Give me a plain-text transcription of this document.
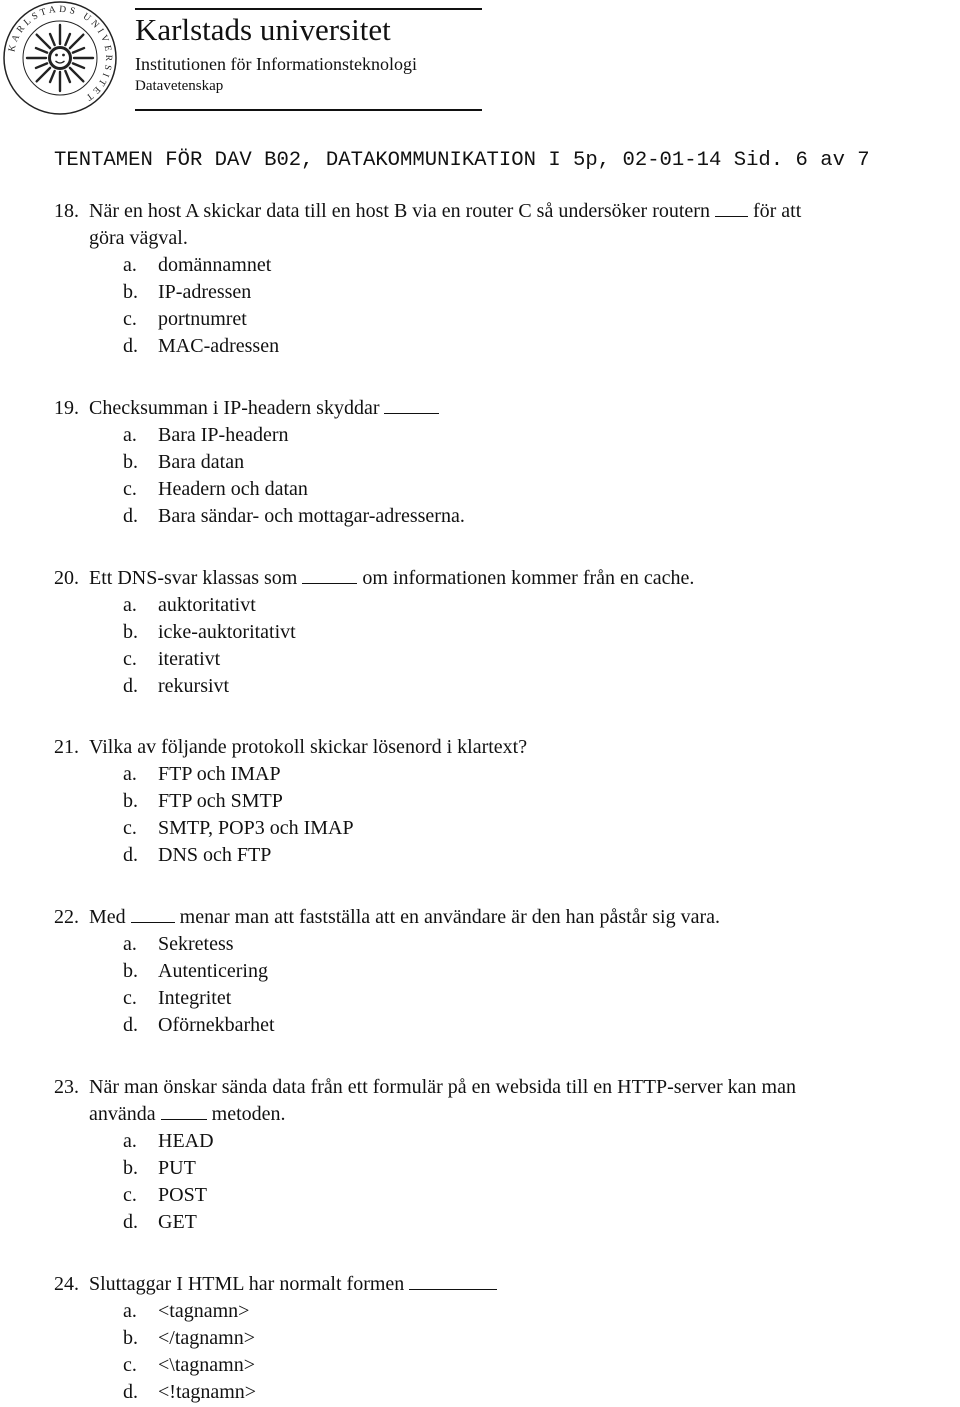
KARLSTADS UNIVERSITET
Karlstads universitet
Institutionen för Informationsteknologi
Datavetenskap
TENTAMEN FÖR DAV B02, DATAKOMMUNIKATION I 5p, 02-01-14 Sid. 6 av 7
18. När en host A skickar data till en host B via en router C så undersöker routern för att
göra vägval.
a. domännamnet
b. IP-adressen
c. portnumret
d. MAC-adressen
19. Checksumman i IP-headern skyddar
a. Bara IP-headern
b. Bara datan
c. Headern och datan
d. Bara sändar- och mottagar-adresserna.
20. Ett DNS-svar klassas som	om informationen kommer från en cache.
a. auktoritativt
b. icke-auktoritativt
c. iterativt
d. rekursivt
21. Vilka av följande protokoll skickar lösenord i klartext?
a. FTP och IMAP
b. FTP och SMTP
c. SMTP, POP3 och IMAP
d. DNS och FTP
22. Med	menar man att fastställa att en användare är den han påstår sig vara.
a. Sekretess
b. Autenticering
c. Integritet
d. Oförnekbarhet
23. När man önskar sända data från ett formulär på en websida till en HTTP-server kan man
använda	metoden.
a. HEAD
b. PUT
c. POST
d. GET
24. Sluttaggar I HTML har normalt formen
a. <tagnamn>
b. </tagnamn>
c. <\tagnamn>
d. <!tagnamn>
